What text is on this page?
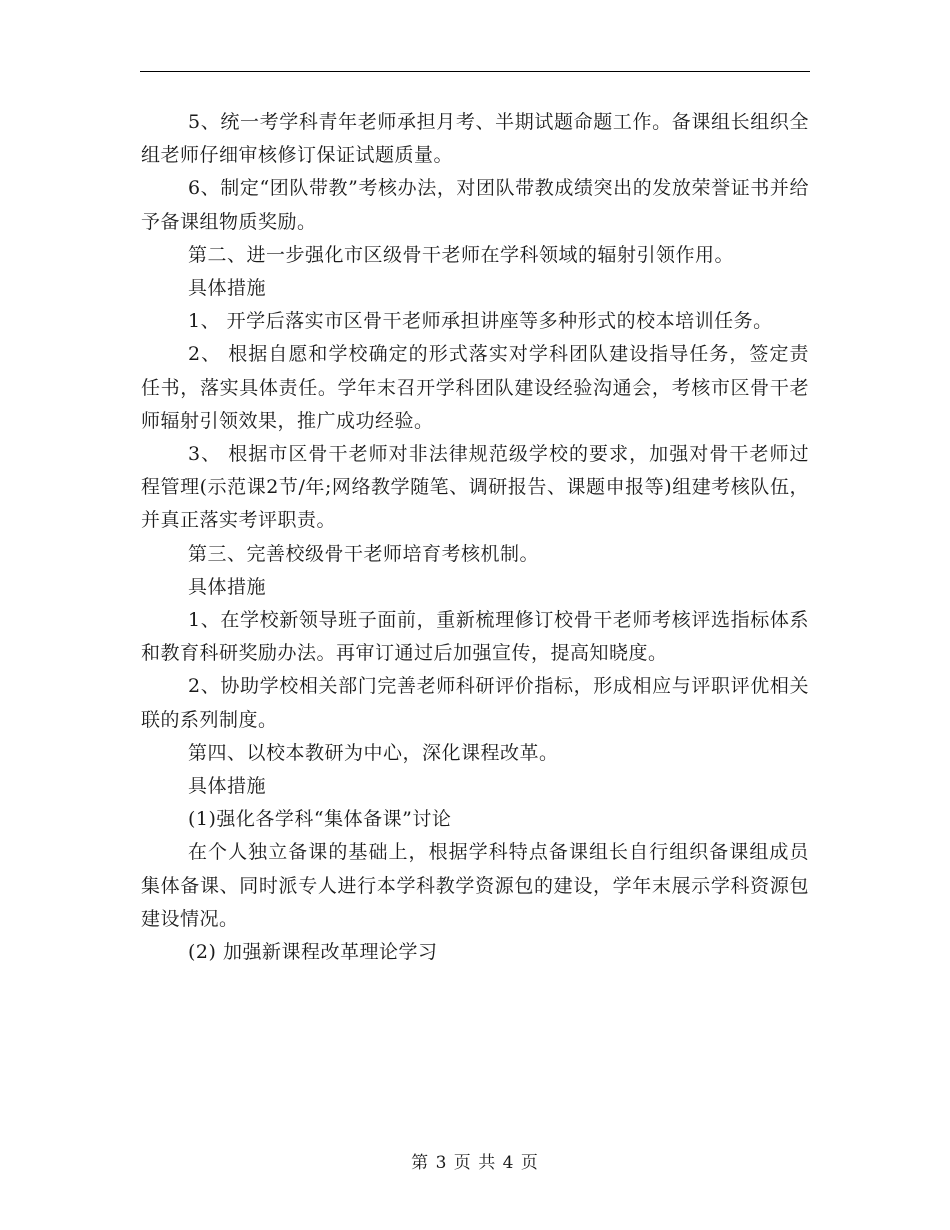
5、统一考学科青年老师承担月考、半期试题命题工作。备课组长组织全组老师仔细审核修订保证试题质量。

6、制定“团队带教”考核办法，对团队带教成绩突出的发放荣誉证书并给予备课组物质奖励。

第二、进一步强化市区级骨干老师在学科领域的辐射引领作用。

具体措施

1、 开学后落实市区骨干老师承担讲座等多种形式的校本培训任务。

2、 根据自愿和学校确定的形式落实对学科团队建设指导任务，签定责任书，落实具体责任。学年末召开学科团队建设经验沟通会，考核市区骨干老师辐射引领效果，推广成功经验。

3、 根据市区骨干老师对非法律规范级学校的要求，加强对骨干老师过程管理(示范课2节/年;网络教学随笔、调研报告、课题申报等)组建考核队伍，并真正落实考评职责。

第三、完善校级骨干老师培育考核机制。

具体措施

1、在学校新领导班子面前，重新梳理修订校骨干老师考核评选指标体系和教育科研奖励办法。再审订通过后加强宣传，提高知晓度。

2、协助学校相关部门完善老师科研评价指标，形成相应与评职评优相关联的系列制度。

第四、以校本教研为中心，深化课程改革。

具体措施

(1)强化各学科“集体备课”讨论

在个人独立备课的基础上，根据学科特点备课组长自行组织备课组成员集体备课、同时派专人进行本学科教学资源包的建设，学年末展示学科资源包建设情况。

(2) 加强新课程改革理论学习

第 3 页 共 4 页
